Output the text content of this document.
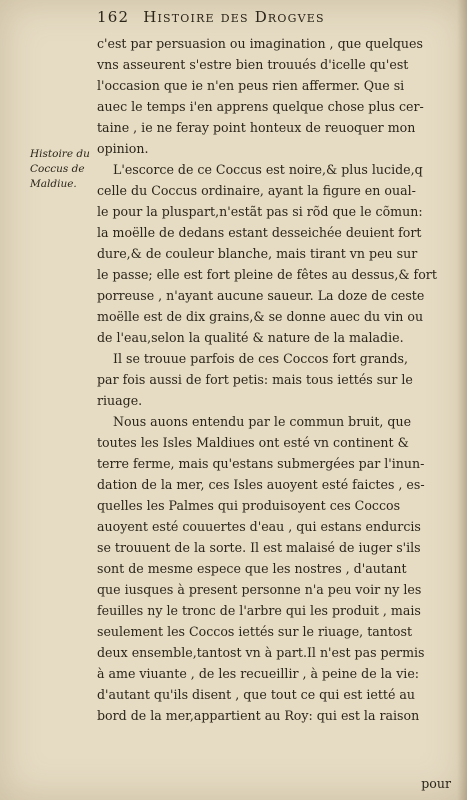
162 Histoire des Drogves
Histoire du
Coccus de
Maldiue.
c'est par persuasion ou imagination , que quelques
vns asseurent s'estre bien trouués d'icelle qu'est
l'occasion que ie n'en peus rien affermer. Que si
auec le temps i'en apprens quelque chose plus cer-
taine , ie ne feray point honteux de reuoquer mon
opinion.
L'escorce de ce Coccus est noire,& plus lucide,q
celle du Coccus ordinaire, ayant la figure en oual-
le pour la pluspart,n'estãt pas si rõd que le cõmun:
la moëlle de dedans estant desseichée deuient fort
dure,& de couleur blanche, mais tirant vn peu sur
le passe; elle est fort pleine de fêtes au dessus,& fort
porreuse , n'ayant aucune saueur. La doze de ceste
moëlle est de dix grains,& se donne auec du vin ou
de l'eau,selon la qualité & nature de la maladie.
Il se trouue parfois de ces Coccos fort grands,
par fois aussi de fort petis: mais tous iettés sur le
riuage.
Nous auons entendu par le commun bruit, que
toutes les Isles Maldiues ont esté vn continent &
terre ferme, mais qu'estans submergées par l'inun-
dation de la mer, ces Isles auoyent esté faictes , es-
quelles les Palmes qui produisoyent ces Coccos
auoyent esté couuertes d'eau , qui estans endurcis
se trouuent de la sorte. Il est malaisé de iuger s'ils
sont de mesme espece que les nostres , d'autant
que iusques à present personne n'a peu voir ny les
feuilles ny le tronc de l'arbre qui les produit , mais
seulement les Coccos iettés sur le riuage, tantost
deux ensemble,tantost vn à part.Il n'est pas permis
à ame viuante , de les recueillir , à peine de la vie:
d'autant qu'ils disent , que tout ce qui est ietté au
bord de la mer,appartient au Roy: qui est la raison
pour
